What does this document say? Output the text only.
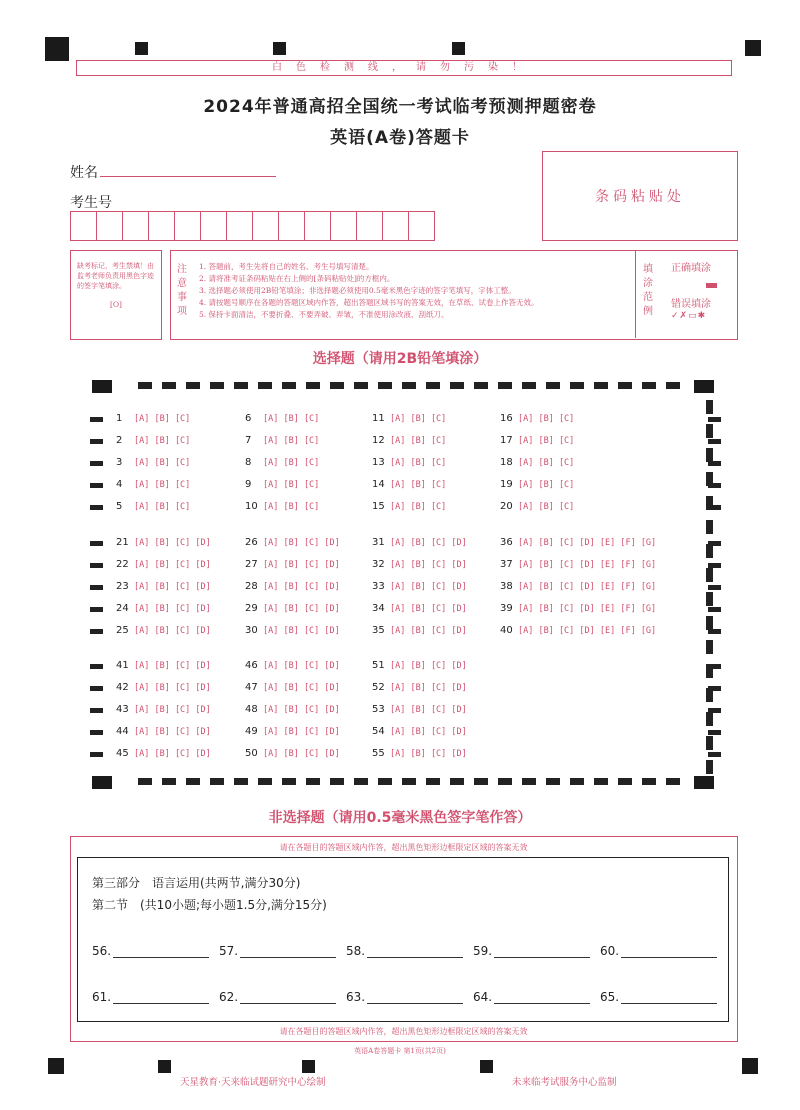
白色检测线，请勿污染！
2024年普通高招全国统一考试临考预测押题密卷
英语(A卷)答题卡
姓名
考生号	条码粘贴处
缺考标记，考生禁填！由监考老师负责用黑色字迹的签字笔填涂。
[O]
注
意
事
项
1. 答题前，考生先将自己的姓名、考生号填写清楚。
2. 请将准考证条码粘贴在右上侧的[条码粘贴处]的方框内。
3. 选择题必须使用2B铅笔填涂；非选择题必须使用0.5毫米黑色字迹的签字笔填写，字体工整。
4. 请按题号顺序在各题的答题区域内作答，超出答题区域书写的答案无效，在草纸、试卷上作答无效。
5. 保持卡面清洁，不要折叠、不要弄破、弄皱，不准使用涂改液、刮纸刀。
填
涂
范
例
正确填涂
错误填涂
✓✗▭✱
选择题（请用2B铅笔填涂）
1 [A] [B] [C]	6 [A] [B] [C]	11 [A] [B] [C]	16 [A] [B] [C]
2 [A] [B] [C]	7 [A] [B] [C]	12 [A] [B] [C]	17 [A] [B] [C]
3 [A] [B] [C]	8 [A] [B] [C]	13 [A] [B] [C]	18 [A] [B] [C]
4 [A] [B] [C]	9 [A] [B] [C]	14 [A] [B] [C]	19 [A] [B] [C]
5 [A] [B] [C]	10 [A] [B] [C]	15 [A] [B] [C]	20 [A] [B] [C]
21 [A] [B] [C] [D]	26 [A] [B] [C] [D]	31 [A] [B] [C] [D]	36 [A] [B] [C] [D] [E] [F] [G]
22 [A] [B] [C] [D]	27 [A] [B] [C] [D]	32 [A] [B] [C] [D]	37 [A] [B] [C] [D] [E] [F] [G]
23 [A] [B] [C] [D]	28 [A] [B] [C] [D]	33 [A] [B] [C] [D]	38 [A] [B] [C] [D] [E] [F] [G]
24 [A] [B] [C] [D]	29 [A] [B] [C] [D]	34 [A] [B] [C] [D]	39 [A] [B] [C] [D] [E] [F] [G]
25 [A] [B] [C] [D]	30 [A] [B] [C] [D]	35 [A] [B] [C] [D]	40 [A] [B] [C] [D] [E] [F] [G]
41 [A] [B] [C] [D]	46 [A] [B] [C] [D]	51 [A] [B] [C] [D]
42 [A] [B] [C] [D]	47 [A] [B] [C] [D]	52 [A] [B] [C] [D]
43 [A] [B] [C] [D]	48 [A] [B] [C] [D]	53 [A] [B] [C] [D]
44 [A] [B] [C] [D]	49 [A] [B] [C] [D]	54 [A] [B] [C] [D]
45 [A] [B] [C] [D]	50 [A] [B] [C] [D]	55 [A] [B] [C] [D]
非选择题（请用0.5毫米黑色签字笔作答）
请在各题目的答题区域内作答，超出黑色矩形边框限定区域的答案无效
第三部分　语言运用(共两节,满分30分)
第二节　(共10小题;每小题1.5分,满分15分)
56.	57.	58.	59.	60.
61.	62.	63.	64.	65.
请在各题目的答题区域内作答，超出黑色矩形边框限定区域的答案无效
英语A卷答题卡 第1页(共2页)
天星教育·天来临试题研究中心绘制	未来临考试服务中心监制
